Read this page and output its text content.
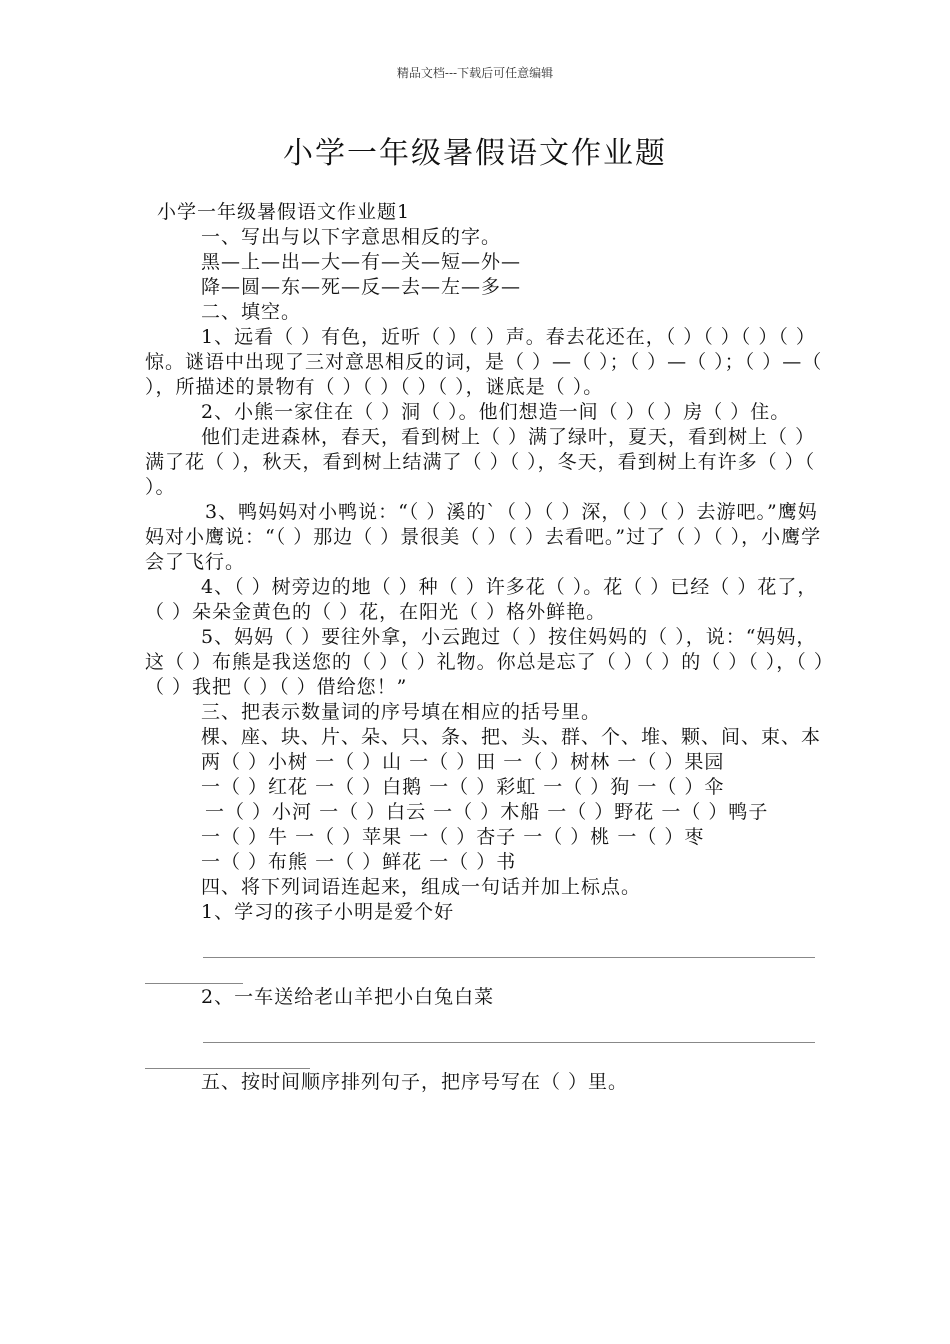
精品文档---下载后可任意编辑
小学一年级暑假语文作业题

小学一年级暑假语文作业题1

一、写出与以下字意思相反的字。

黑—上—出—大—有—关—短—外—

降—圆—东—死—反—去—左—多—

二、填空。

1、远看（ ）有色，近听（ ）（ ）声。春去花还在，（ ）（ ）（ ）（ ）惊。谜语中出现了三对意思相反的词，是（ ）—（ ）；（ ）—（ ）；（ ）—（ ），所描述的景物有（ ）（ ）（ ）（ ），谜底是（ ）。

2、小熊一家住在（ ）洞（ ）。他们想造一间（ ）（ ）房（ ）住。

他们走进森林，春天，看到树上（ ）满了绿叶，夏天，看到树上（ ）满了花（ ），秋天，看到树上结满了（ ）（ ），冬天，看到树上有许多（ ）（ ）。

3、鸭妈妈对小鸭说：“（ ）溪的`（ ）（ ）深，（ ）（ ）去游吧。”鹰妈妈对小鹰说：“（ ）那边（ ）景很美（ ）（ ）去看吧。”过了（ ）（ ），小鹰学会了飞行。

4、（ ）树旁边的地（ ）种（ ）许多花（ ）。花（ ）已经（ ）花了，（ ）朵朵金黄色的（ ）花，在阳光（ ）格外鲜艳。

5、妈妈（ ）要往外拿，小云跑过（ ）按住妈妈的（ ），说：“妈妈，这（ ）布熊是我送您的（ ）（ ）礼物。你总是忘了（ ）（ ）的（ ）（ ），（ ）（ ）我把（ ）（ ）借给您！”

三、把表示数量词的序号填在相应的括号里。

棵、座、块、片、朵、只、条、把、头、群、个、堆、颗、间、束、本

两（ ）小树 一（ ）山 一（ ）田 一（ ）树林 一（ ）果园

一（ ）红花 一（ ）白鹅 一（ ）彩虹 一（ ）狗 一（ ）伞

一（ ）小河 一（ ）白云 一（ ）木船 一（ ）野花 一（ ）鸭子

一（ ）牛 一（ ）苹果 一（ ）杏子 一（ ）桃 一（ ）枣

一（ ）布熊 一（ ）鲜花 一（ ）书

四、将下列词语连起来，组成一句话并加上标点。

1、学习的孩子小明是爱个好

2、一车送给老山羊把小白兔白菜

五、按时间顺序排列句子，把序号写在（ ）里。
